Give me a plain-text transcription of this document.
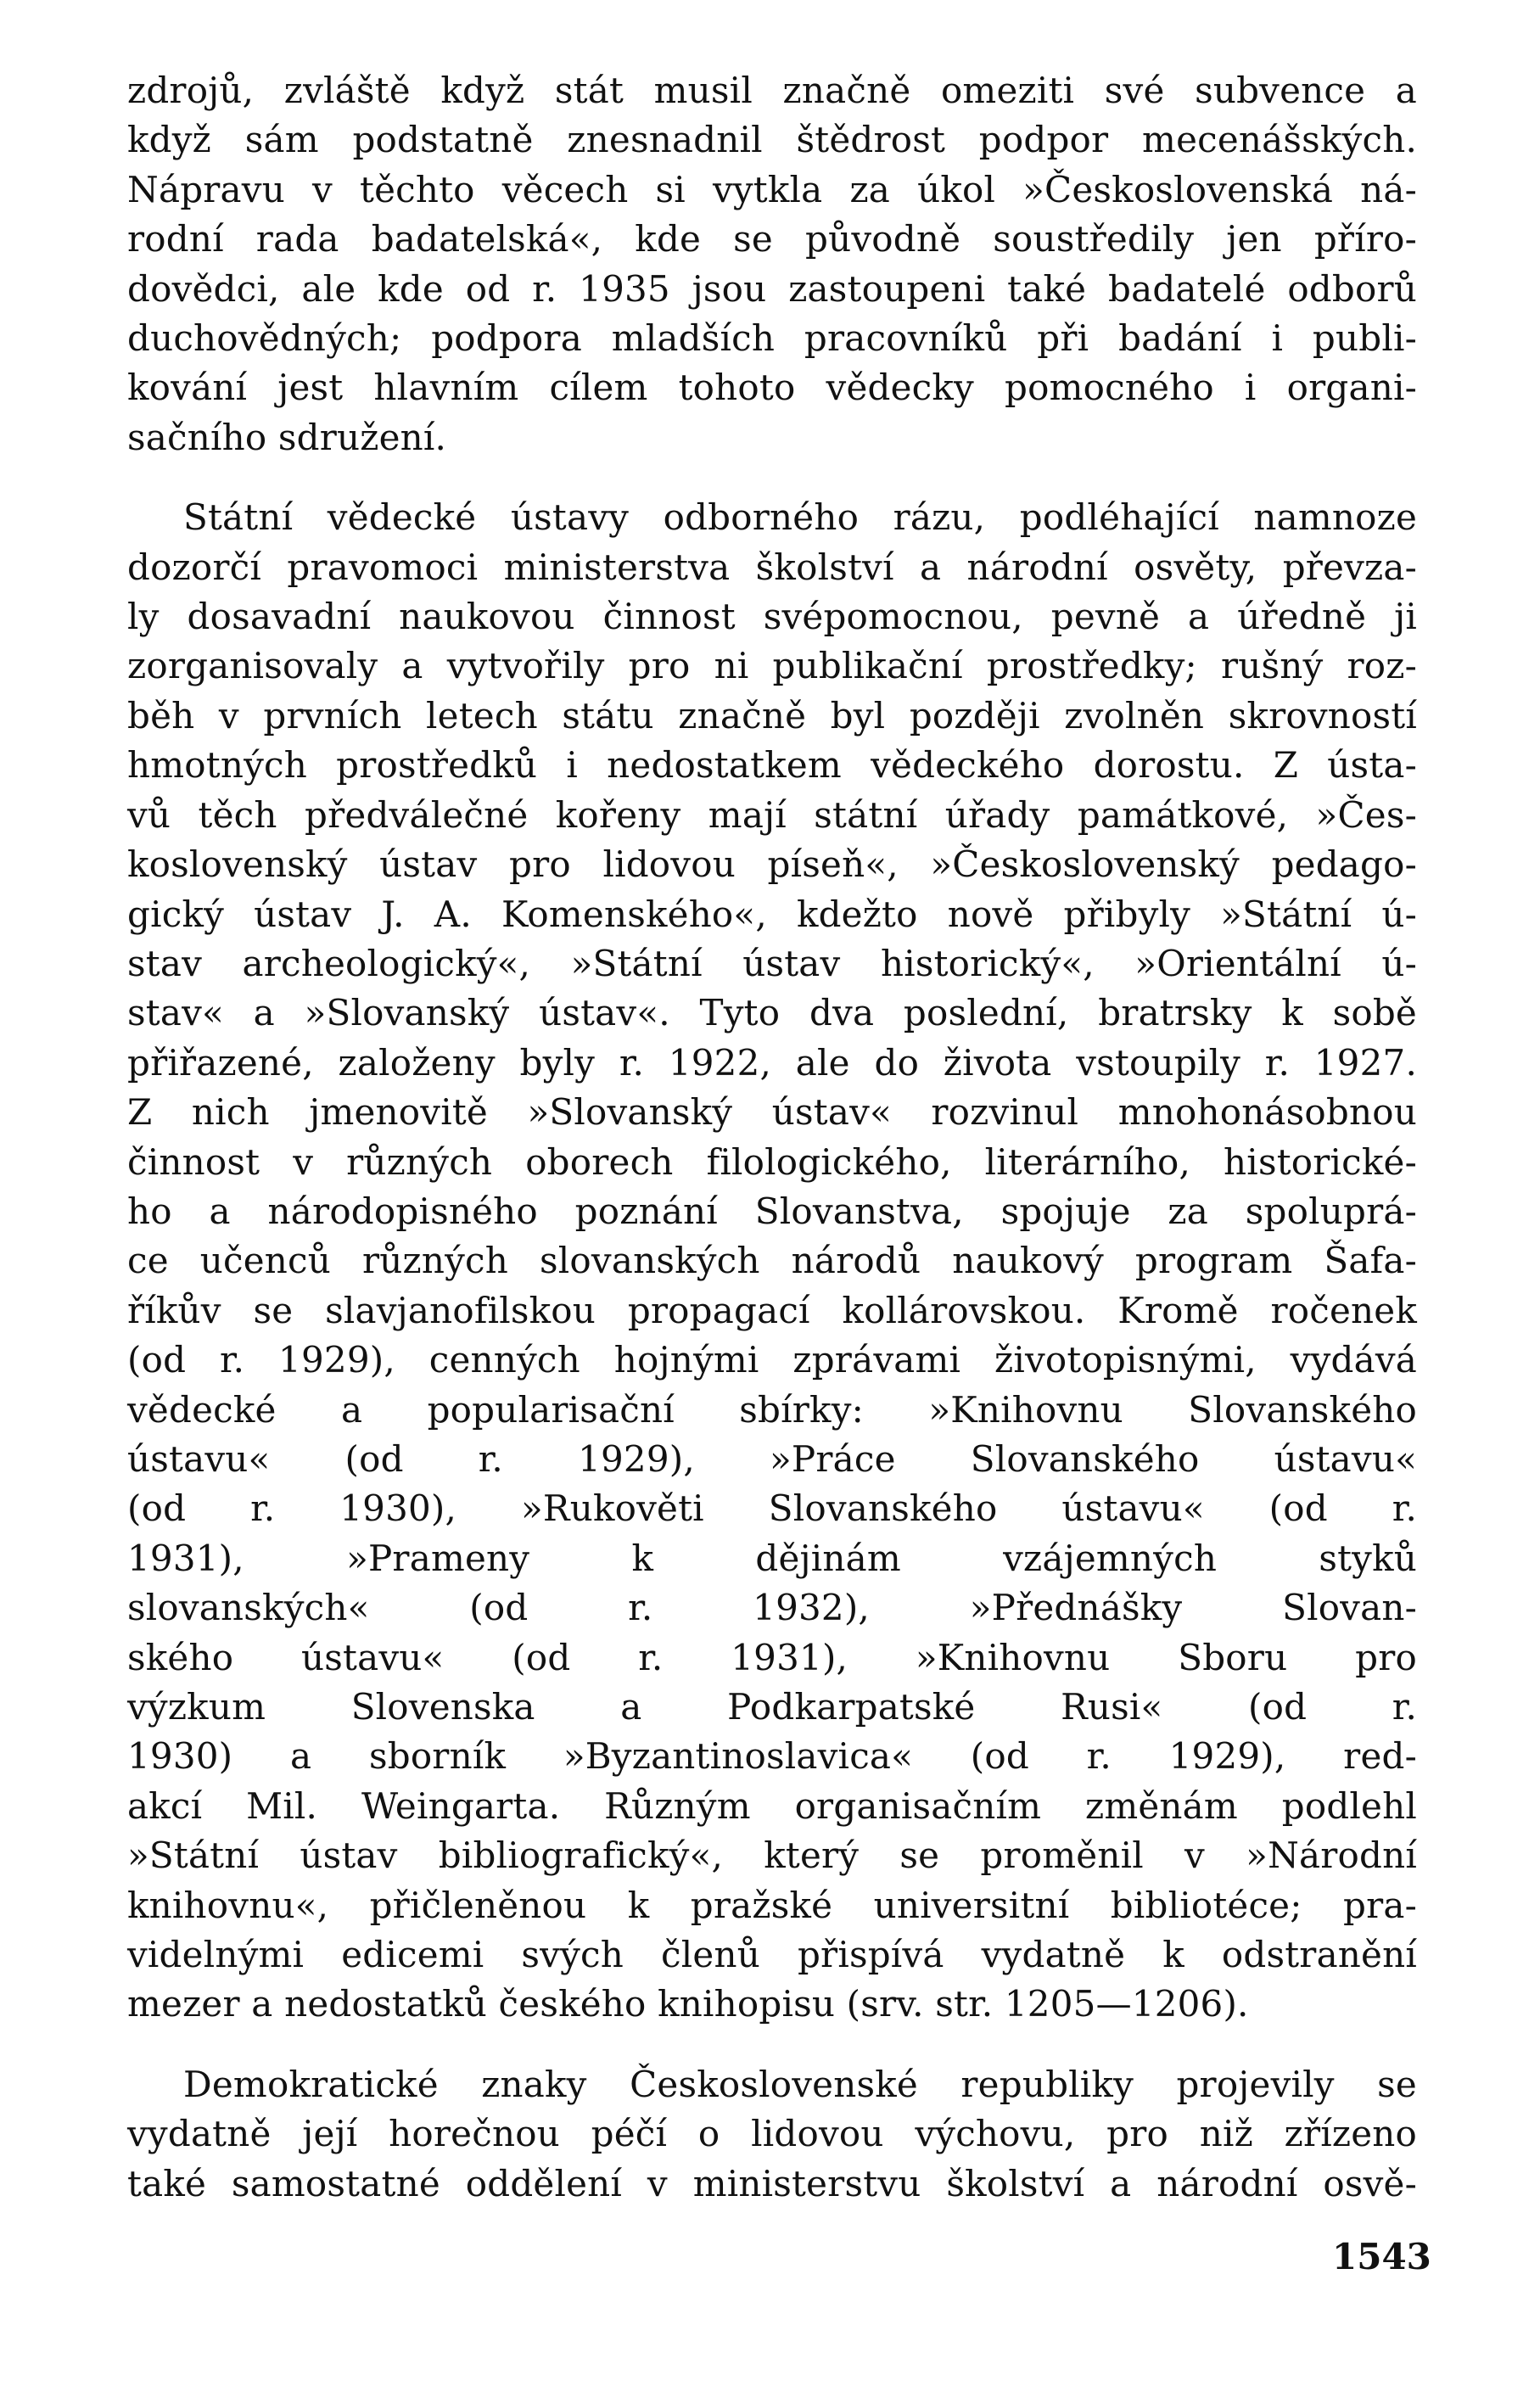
zdrojů, zvláště když stát musil značně omeziti své subvence a
když sám podstatně znesnadnil štědrost podpor mecenášských.
Nápravu v těchto věcech si vytkla za úkol »Československá ná-
rodní rada badatelská«, kde se původně soustředily jen příro-
dovědci, ale kde od r. 1935 jsou zastoupeni také badatelé odborů
duchovědných; podpora mladších pracovníků při badání i publi-
kování jest hlavním cílem tohoto vědecky pomocného i organi-
sačního sdružení.
Státní vědecké ústavy odborného rázu, podléhající namnoze
dozorčí pravomoci ministerstva školství a národní osvěty, převza-
ly dosavadní naukovou činnost svépomocnou, pevně a úředně ji
zorganisovaly a vytvořily pro ni publikační prostředky; rušný roz-
běh v prvních letech státu značně byl později zvolněn skrovností
hmotných prostředků i nedostatkem vědeckého dorostu. Z ústa-
vů těch předválečné kořeny mají státní úřady památkové, »Čes-
koslovenský ústav pro lidovou píseň«, »Československý pedago-
gický ústav J. A. Komenského«, kdežto nově přibyly »Státní ú-
stav archeologický«, »Státní ústav historický«, »Orientální ú-
stav« a »Slovanský ústav«. Tyto dva poslední, bratrsky k sobě
přiřazené, založeny byly r. 1922, ale do života vstoupily r. 1927.
Z nich jmenovitě »Slovanský ústav« rozvinul mnohonásobnou
činnost v různých oborech filologického, literárního, historické-
ho a národopisného poznání Slovanstva, spojuje za spoluprá-
ce učenců různých slovanských národů naukový program Šafa-
říkův se slavjanofilskou propagací kollárovskou. Kromě ročenek
(od r. 1929), cenných hojnými zprávami životopisnými, vydává
vědecké a popularisační sbírky: »Knihovnu Slovanského
ústavu« (od r. 1929), »Práce Slovanského ústavu«
(od r. 1930), »Rukověti Slovanského ústavu« (od r.
1931), »Prameny k dějinám vzájemných styků
slovanských« (od r. 1932), »Přednášky Slovan-
ského ústavu« (od r. 1931), »Knihovnu Sboru pro
výzkum Slovenska a Podkarpatské Rusi« (od r.
1930) a sborník »Byzantinoslavica« (od r. 1929), red-
akcí Mil. Weingarta. Různým organisačním změnám podlehl
»Státní ústav bibliografický«, který se proměnil v »Národní
knihovnu«, přičleněnou k pražské universitní bibliotéce; pra-
videlnými edicemi svých členů přispívá vydatně k odstranění
mezer a nedostatků českého knihopisu (srv. str. 1205—1206).
Demokratické znaky Československé republiky projevily se
vydatně její horečnou péčí o lidovou výchovu, pro niž zřízeno
také samostatné oddělení v ministerstvu školství a národní osvě-
1543
